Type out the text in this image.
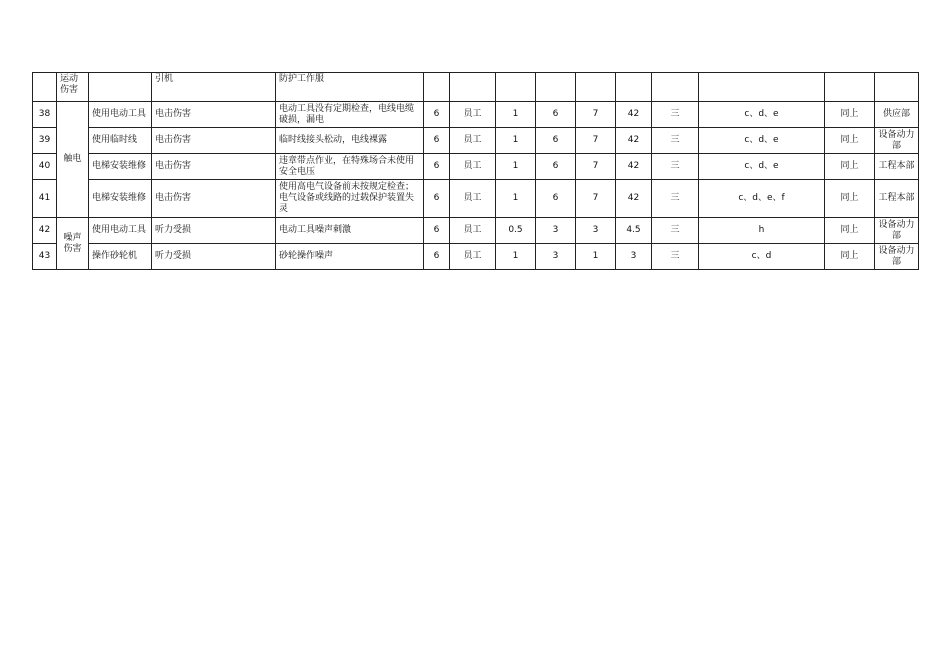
	运动伤害		引机	防护工作服										
38	触电	使用电动工具	电击伤害	电动工具没有定期检查，电线电缆破损，漏电	6	员工	1	6	7	42	三	c、d、e	同上	供应部
39		使用临时线	电击伤害	临时线接头松动，电线裸露	6	员工	1	6	7	42	三	c、d、e	同上	设备动力部
40		电梯安装维修	电击伤害	违章带点作业，在特殊场合未使用安全电压	6	员工	1	6	7	42	三	c、d、e	同上	工程本部
41		电梯安装维修	电击伤害	使用高电气设备前未按规定检查；电气设备或线路的过载保护装置失灵	6	员工	1	6	7	42	三	c、d、e、f	同上	工程本部
42	噪声伤害	使用电动工具	听力受损	电动工具噪声刺激	6	员工	0.5	3	3	4.5	三	h	同上	设备动力部
43		操作砂轮机	听力受损	砂轮操作噪声	6	员工	1	3	1	3	三	c、d	同上	设备动力部
